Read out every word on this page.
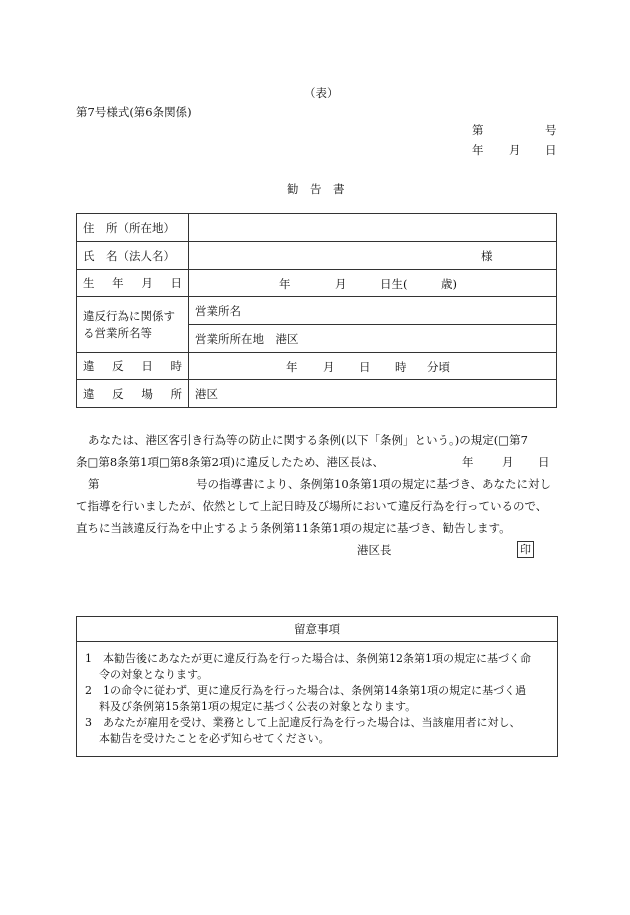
（表）
第7号様式(第6条関係)
第	号
年 月 日
勧　告　書
住　所（所在地）	
氏　名（法人名）	様

生 年 月 日	年 月 日生( 歳)

違反行為に関係する営業所名等	営業所名
	営業所所在地　港区

違 反 日 時	年 月 日 時 分頃

違 反 場 所	港区
あなたは、港区客引き行為等の防止に関する条例(以下「条例」という。)の規定(□第7
条□第8条第1項□第8条第2項)に違反したため、港区長は、	年 月 日
第	号の指導書により、条例第10条第1項の規定に基づき、あなたに対し
て指導を行いましたが、依然として上記日時及び場所において違反行為を行っているので、
直ちに当該違反行為を中止するよう条例第11条第1項の規定に基づき、勧告します。
港区長	印
留意事項
1　本勧告後にあなたが更に違反行為を行った場合は、条例第12条第1項の規定に基づく命
令の対象となります。
2　1の命令に従わず、更に違反行為を行った場合は、条例第14条第1項の規定に基づく過
料及び条例第15条第1項の規定に基づく公表の対象となります。
3　あなたが雇用を受け、業務として上記違反行為を行った場合は、当該雇用者に対し、
本勧告を受けたことを必ず知らせてください。
